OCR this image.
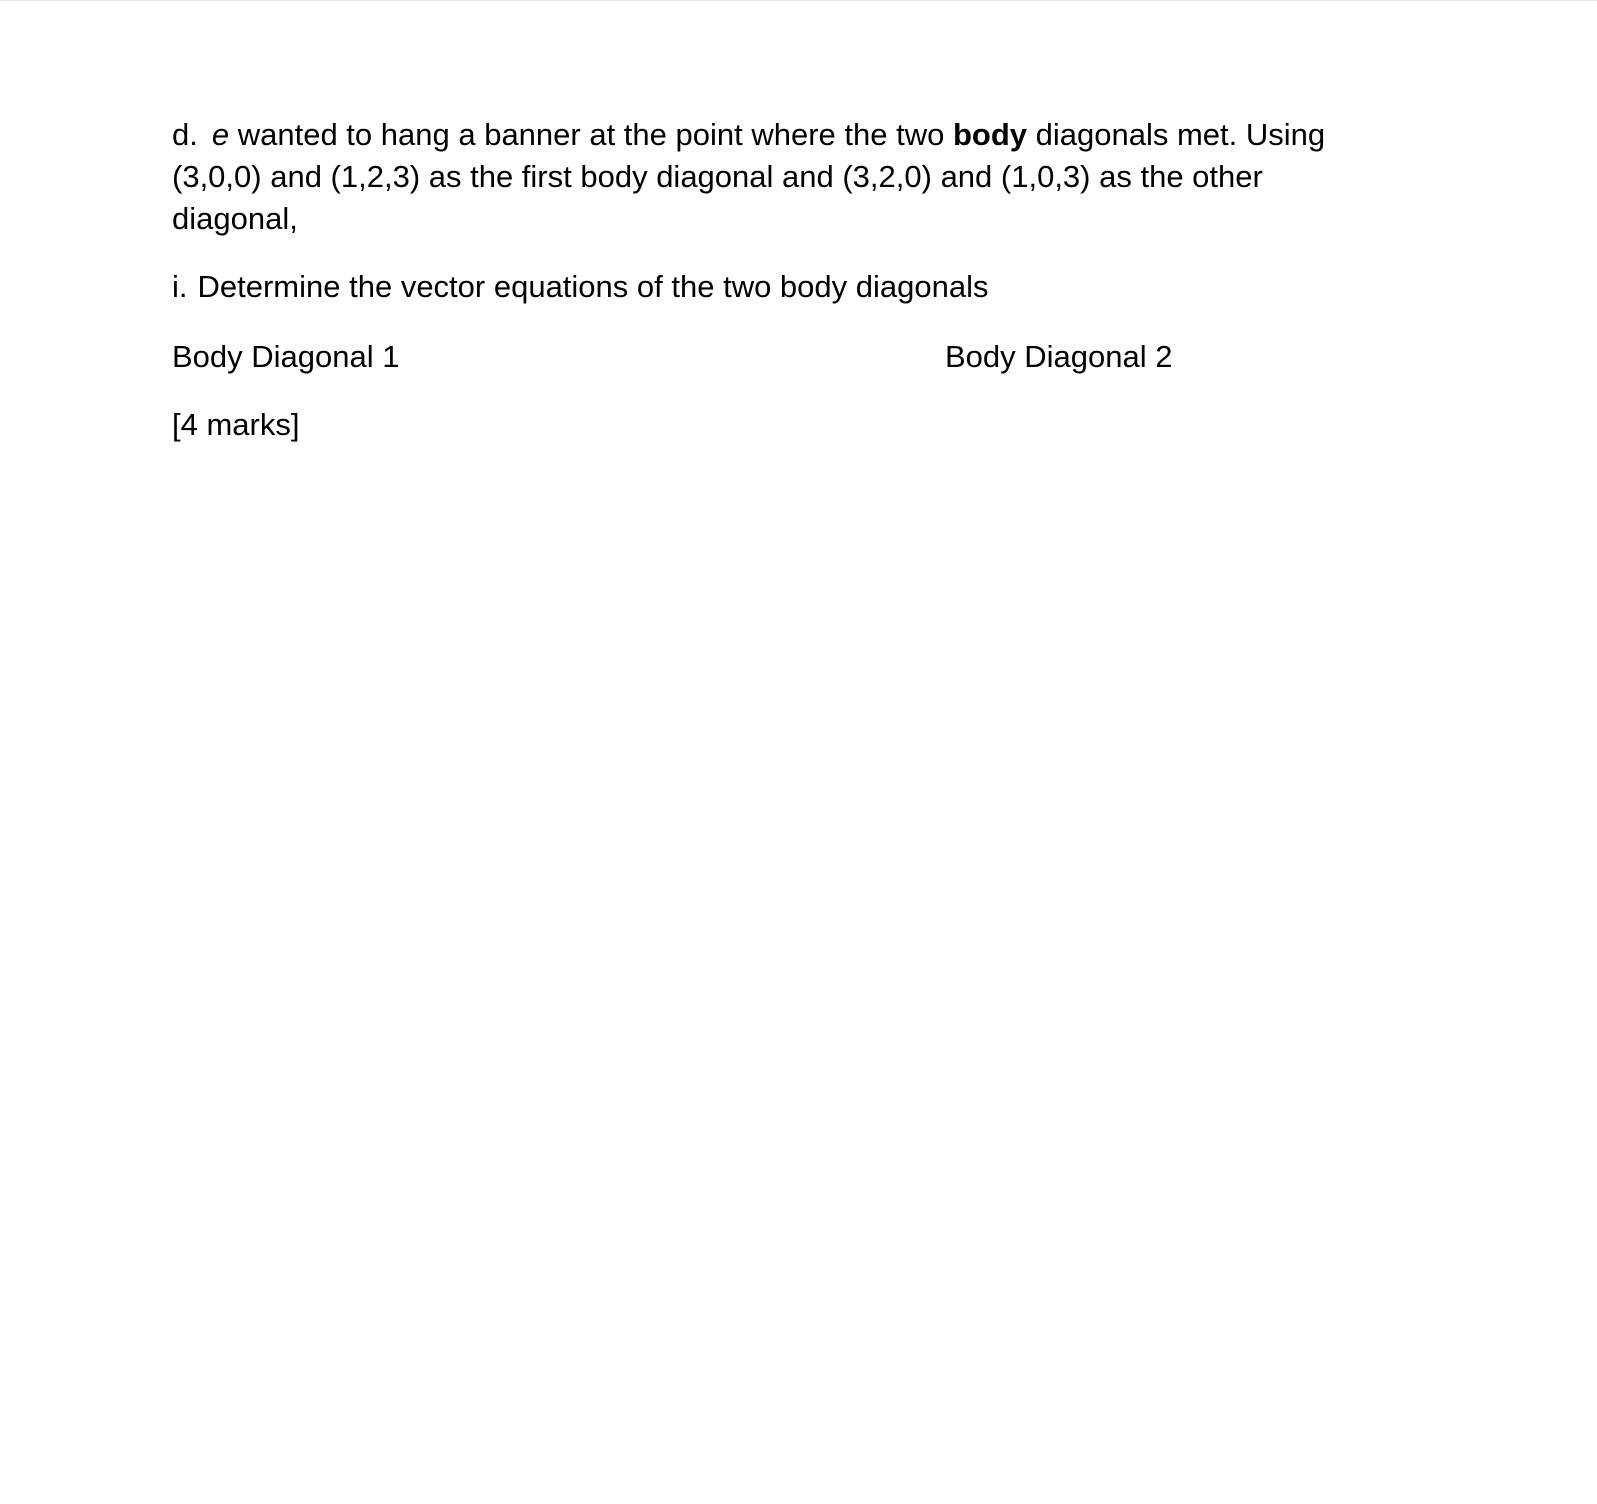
d. e wanted to hang a banner at the point where the two body diagonals met. Using
(3,0,0) and (1,2,3) as the first body diagonal and (3,2,0) and (1,0,3) as the other
diagonal,

i. Determine the vector equations of the two body diagonals

Body Diagonal 1	Body Diagonal 2
[4 marks]
